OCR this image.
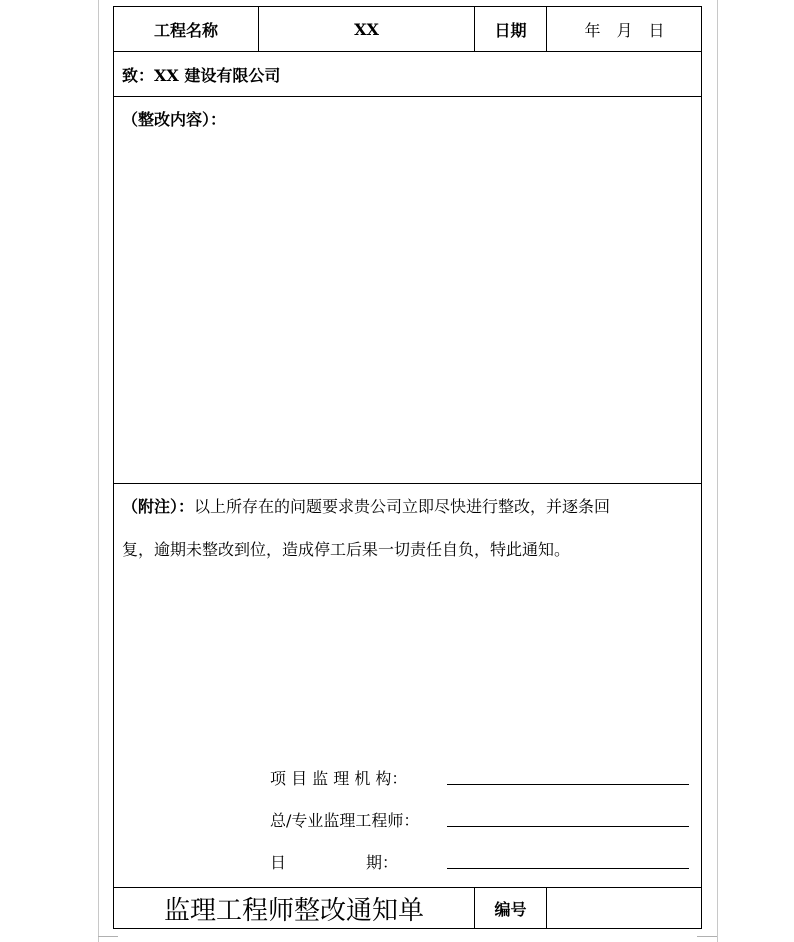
工程名称	XX	日期	年　月　日
致：XX 建设有限公司
（整改内容）：
（附注）：以上所存在的问题要求贵公司立即尽快进行整改，并逐条回
复，逾期未整改到位，造成停工后果一切责任自负，特此通知。
项 目 监 理 机 构：
总/专业监理工程师：
日　　　　　期：
监理工程师整改通知单	编号
